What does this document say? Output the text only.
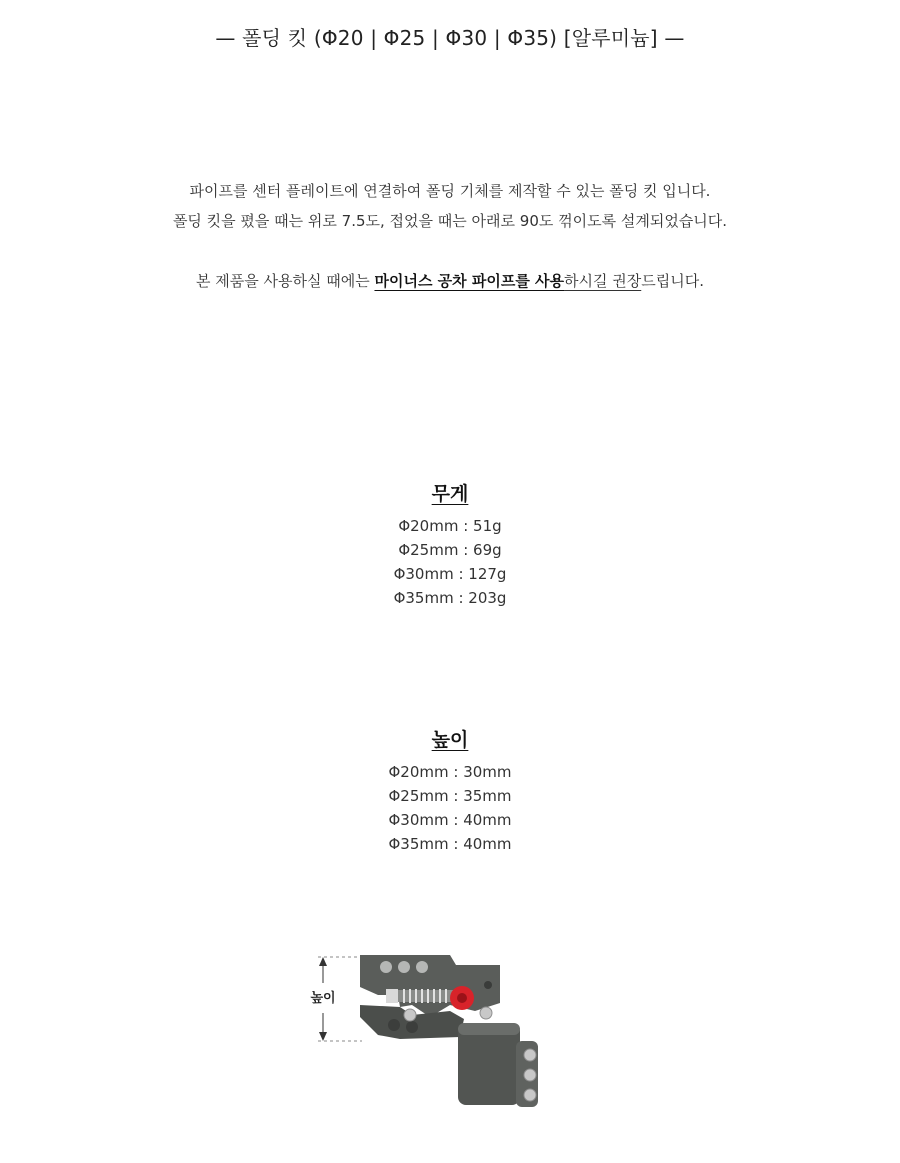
— 폴딩 킷 (Φ20 | Φ25 | Φ30 | Φ35) [알루미늄] —

파이프를 센터 플레이트에 연결하여 폴딩 기체를 제작할 수 있는 폴딩 킷 입니다.

폴딩 킷을 폈을 때는 위로 7.5도, 접었을 때는 아래로 90도 꺾이도록 설계되었습니다.

본 제품을 사용하실 때에는 마이너스 공차 파이프를 사용하시길 권장드립니다.

무게
Φ20mm : 51g
Φ25mm : 69g
Φ30mm : 127g
Φ35mm : 203g
높이
Φ20mm : 30mm
Φ25mm : 35mm
Φ30mm : 40mm
Φ35mm : 40mm
높이
